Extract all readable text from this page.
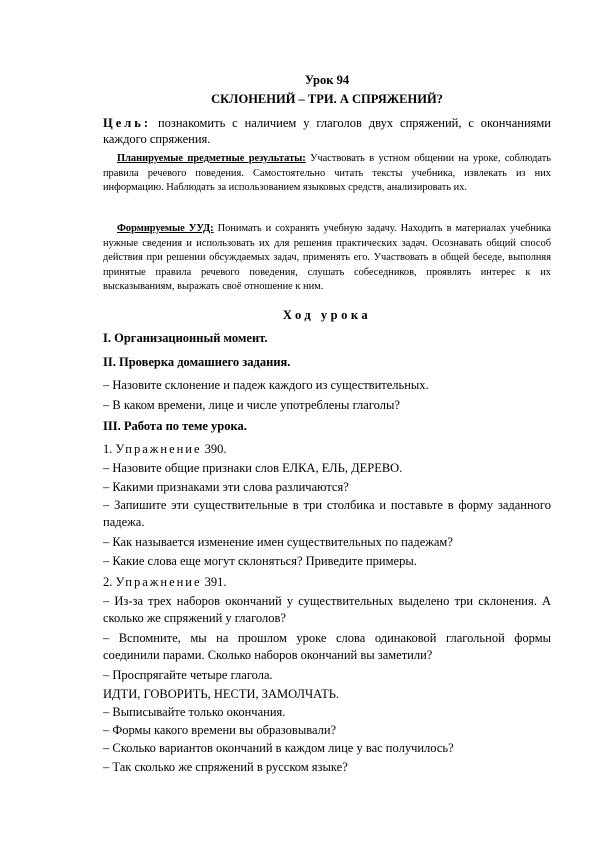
Урок 94

СКЛОНЕНИЙ – ТРИ. А СПРЯЖЕНИЙ?

Цель: познакомить с наличием у глаголов двух спряжений, с окончаниями каждого спряжения.

Планируемые предметные результаты: Участвовать в устном общении на уроке, соблюдать правила речевого поведения. Самостоятельно читать тексты учебника, извлекать из них информацию. Наблюдать за использованием языковых средств, анализировать их.

Формируемые УУД: Понимать и сохранять учебную задачу. Находить в материалах учебника нужные сведения и использовать их для решения практических задач. Осознавать общий способ действия при решении обсуждаемых задач, применять его. Участвовать в общей беседе, выполняя принятые правила речевого поведения, слушать собеседников, проявлять интерес к их высказываниям, выражать своё отношение к ним.

Ход урока

I. Организационный момент.

II. Проверка домашнего задания.

– Назовите склонение и падеж каждого из существительных.

– В каком времени, лице и числе употреблены глаголы?

III. Работа по теме урока.

1. Упражнение 390.

– Назовите общие признаки слов ЕЛКА, ЕЛЬ, ДЕРЕВО.

– Какими признаками эти слова различаются?

– Запишите эти существительные в три столбика и поставьте в форму заданного падежа.

– Как называется изменение имен существительных по падежам?

– Какие слова еще могут склоняться? Приведите примеры.

2. Упражнение 391.

– Из-за трех наборов окончаний у существительных выделено три склонения. А сколько же спряжений у глаголов?

– Вспомните, мы на прошлом уроке слова одинаковой глагольной формы соединили парами. Сколько наборов окончаний вы заметили?

– Проспрягайте четыре глагола.

ИДТИ, ГОВОРИТЬ, НЕСТИ, ЗАМОЛЧАТЬ.

– Выписывайте только окончания.

– Формы какого времени вы образовывали?

– Сколько вариантов окончаний в каждом лице у вас получилось?

– Так сколько же спряжений в русском языке?
